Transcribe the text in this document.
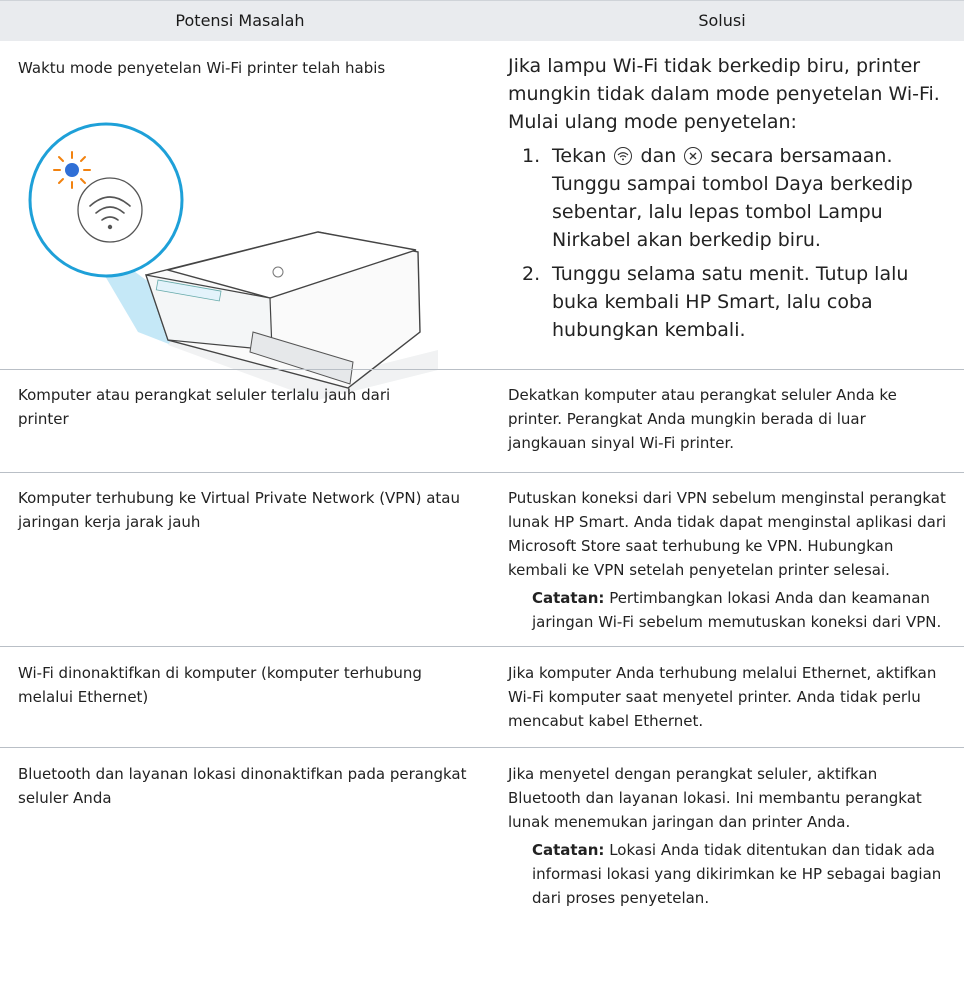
Potensi Masalah	Solusi
Waktu mode penyetelan Wi-Fi printer telah habis	Jika lampu Wi-Fi tidak berkedip biru, printer mungkin tidak dalam mode penyetelan Wi-Fi. Mulai ulang mode penyetelan:
1. Tekan dan secara bersamaan. Tunggu sampai tombol Daya berkedip sebentar, lalu lepas tombol Lampu Nirkabel akan berkedip biru.
2. Tunggu selama satu menit. Tutup lalu buka kembali HP Smart, lalu coba hubungkan kembali.
Komputer atau perangkat seluler terlalu jauh dari printer
Dekatkan komputer atau perangkat seluler Anda ke printer. Perangkat Anda mungkin berada di luar jangkauan sinyal Wi-Fi printer.
Komputer terhubung ke Virtual Private Network (VPN) atau jaringan kerja jarak jauh
Putuskan koneksi dari VPN sebelum menginstal perangkat lunak HP Smart. Anda tidak dapat menginstal aplikasi dari Microsoft Store saat terhubung ke VPN. Hubungkan kembali ke VPN setelah penyetelan printer selesai.
Catatan: Pertimbangkan lokasi Anda dan keamanan jaringan Wi-Fi sebelum memutuskan koneksi dari VPN.
Wi-Fi dinonaktifkan di komputer (komputer terhubung melalui Ethernet)
Jika komputer Anda terhubung melalui Ethernet, aktifkan Wi-Fi komputer saat menyetel printer. Anda tidak perlu mencabut kabel Ethernet.
Bluetooth dan layanan lokasi dinonaktifkan pada perangkat seluler Anda
Jika menyetel dengan perangkat seluler, aktifkan Bluetooth dan layanan lokasi. Ini membantu perangkat lunak menemukan jaringan dan printer Anda.
Catatan: Lokasi Anda tidak ditentukan dan tidak ada informasi lokasi yang dikirimkan ke HP sebagai bagian dari proses penyetelan.
